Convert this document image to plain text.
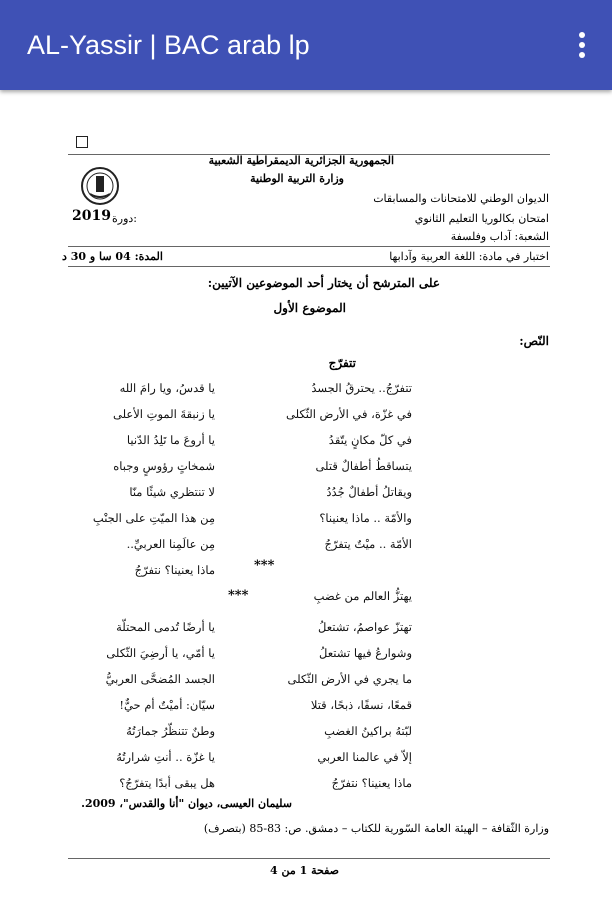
AL-Yassir | BAC arab lp
الجمهورية الجزائرية الديمقراطية الشعبية
وزارة التربية الوطنية
الديوان الوطني للامتحانات والمسابقات
امتحان بكالوريا التعليم الثانوي
الشعبة: آداب وفلسفة
2019 دورة:
اختبار في مادة: اللغة العربية وآدابها
المدة: 04 سا و 30 د
على المترشح أن يختار أحد الموضوعين الآتيين:
الموضوع الأول
النّص:
تتفرّج
تتفرّجُ.. يحترقُ الجسدُ
يا قدسُ، ويا رامَ الله
في غزّة، في الأرض الثّكلى
يا زنبقةَ الموتِ الأعلى
في كلّ مكانٍ يتّقدُ
يا أروعَ ما تَلِدُ الدّنيا
يتساقطُ أطفالٌ قتلى
شمخاتٍ رؤوسٍ وجباه
ويقاتلُ أطفالٌ جُدُدُ
لا تنتظري شيئًا منّا
والأمّة .. ماذا يعنينا؟
مِن هذا الميّتِ على الجنْبِ
الأمّة .. ميْتٌ يتفرّجُ
مِن عالَمِنا العربيِّ..
ماذا يعنينا؟ نتفرّجُ	***
يهتزُّ العالم من غضبِ
***
تهتزّ عواصمُ، تشتعلُ
يا أرضًا تُدمى المحتلّة
وشوارعُ فيها تشتعلُ
يا أمّي، يا أرضِيَ الثّكلى
ما يجري في الأرض الثّكلى
الجسد المُضحَّى العربيُّ
قمعًا، نسفًا، ذبحًا، قتلا
سيّان: أميْتٌ أم حيٌّ!
لبّتهُ براكينُ الغضبِ
وطنٌ تتنظّرُ جمارَتُهُ
إلاّ في عالمنا العربي
يا غزّة .. أنتِ شرارتُهُ
ماذا يعنينا؟ نتفرّجُ
هل يبقى أبدًا يتفرّجُ؟
سليمان العيسى، ديوان "أنا والقدس"، 2009.
وزارة الثّقافة – الهيئة العامة السّورية للكتاب – دمشق. ص: 83-85 (بتصرف)
صفحة 1 من 4
